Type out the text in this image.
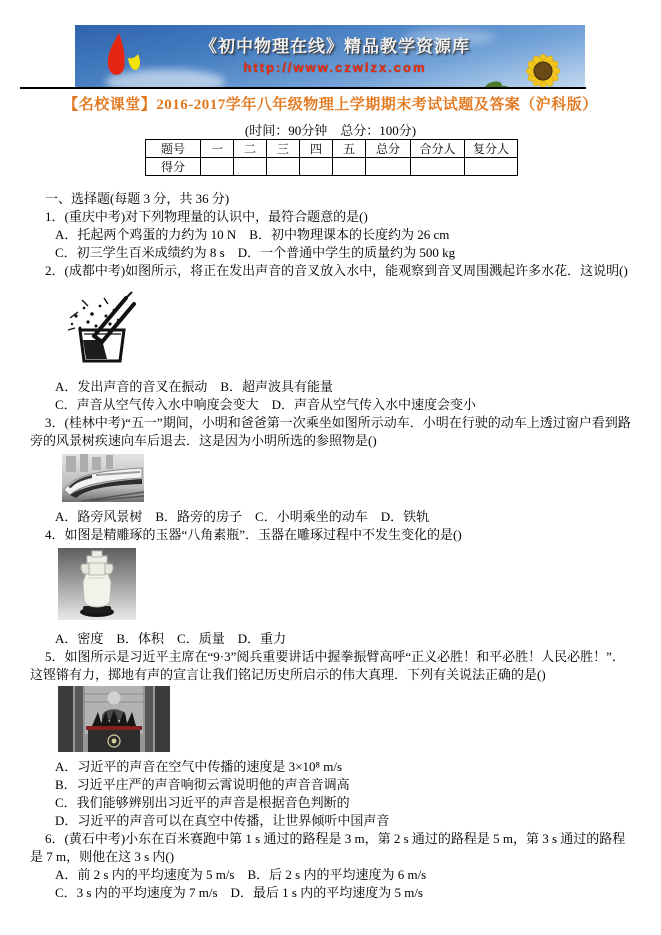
《初中物理在线》精品教学资源库
http://www.czwlzx.com
【名校课堂】2016-2017学年八年级物理上学期期末考试试题及答案（沪科版）
(时间：90分钟　总分：100分)
题号	一	二	三	四	五	总分	合分人	复分人
得分								

一、选择题(每题 3 分，共 36 分)

1．(重庆中考)对下列物理量的认识中，最符合题意的是()

A．托起两个鸡蛋的力约为 10 N　B．初中物理课本的长度约为 26 cm

C．初三学生百米成绩约为 8 s　D．一个普通中学生的质量约为 500 kg

2．(成都中考)如图所示，将正在发出声音的音叉放入水中，能观察到音叉周围溅起许多水花．这说明()

A．发出声音的音叉在振动　B．超声波具有能量

C．声音从空气传入水中响度会变大　D．声音从空气传入水中速度会变小

3．(桂林中考)“五一”期间，小明和爸爸第一次乘坐如图所示动车．小明在行驶的动车上透过窗户看到路旁的风景树疾速向车后退去．这是因为小明所选的参照物是()

A．路旁风景树　B．路旁的房子　C．小明乘坐的动车　D．铁轨

4．如图是精雕琢的玉器“八角素瓶”．玉器在雕琢过程中不发生变化的是()

A．密度　B．体积　C．质量　D．重力

5．如图所示是习近平主席在“9·3”阅兵重要讲话中握拳振臂高呼“正义必胜！和平必胜！人民必胜！”．这铿锵有力，掷地有声的宣言让我们铭记历史所启示的伟大真理．下列有关说法正确的是()

A．习近平的声音在空气中传播的速度是 3×10⁸ m/s

B．习近平庄严的声音响彻云霄说明他的声音音调高

C．我们能够辨别出习近平的声音是根据音色判断的

D．习近平的声音可以在真空中传播，让世界倾听中国声音

6．(黄石中考)小东在百米赛跑中第 1 s 通过的路程是 3 m，第 2 s 通过的路程是 5 m，第 3 s 通过的路程是 7 m，则他在这 3 s 内()

A．前 2 s 内的平均速度为 5 m/s　B．后 2 s 内的平均速度为 6 m/s

C．3 s 内的平均速度为 7 m/s　D．最后 1 s 内的平均速度为 5 m/s
